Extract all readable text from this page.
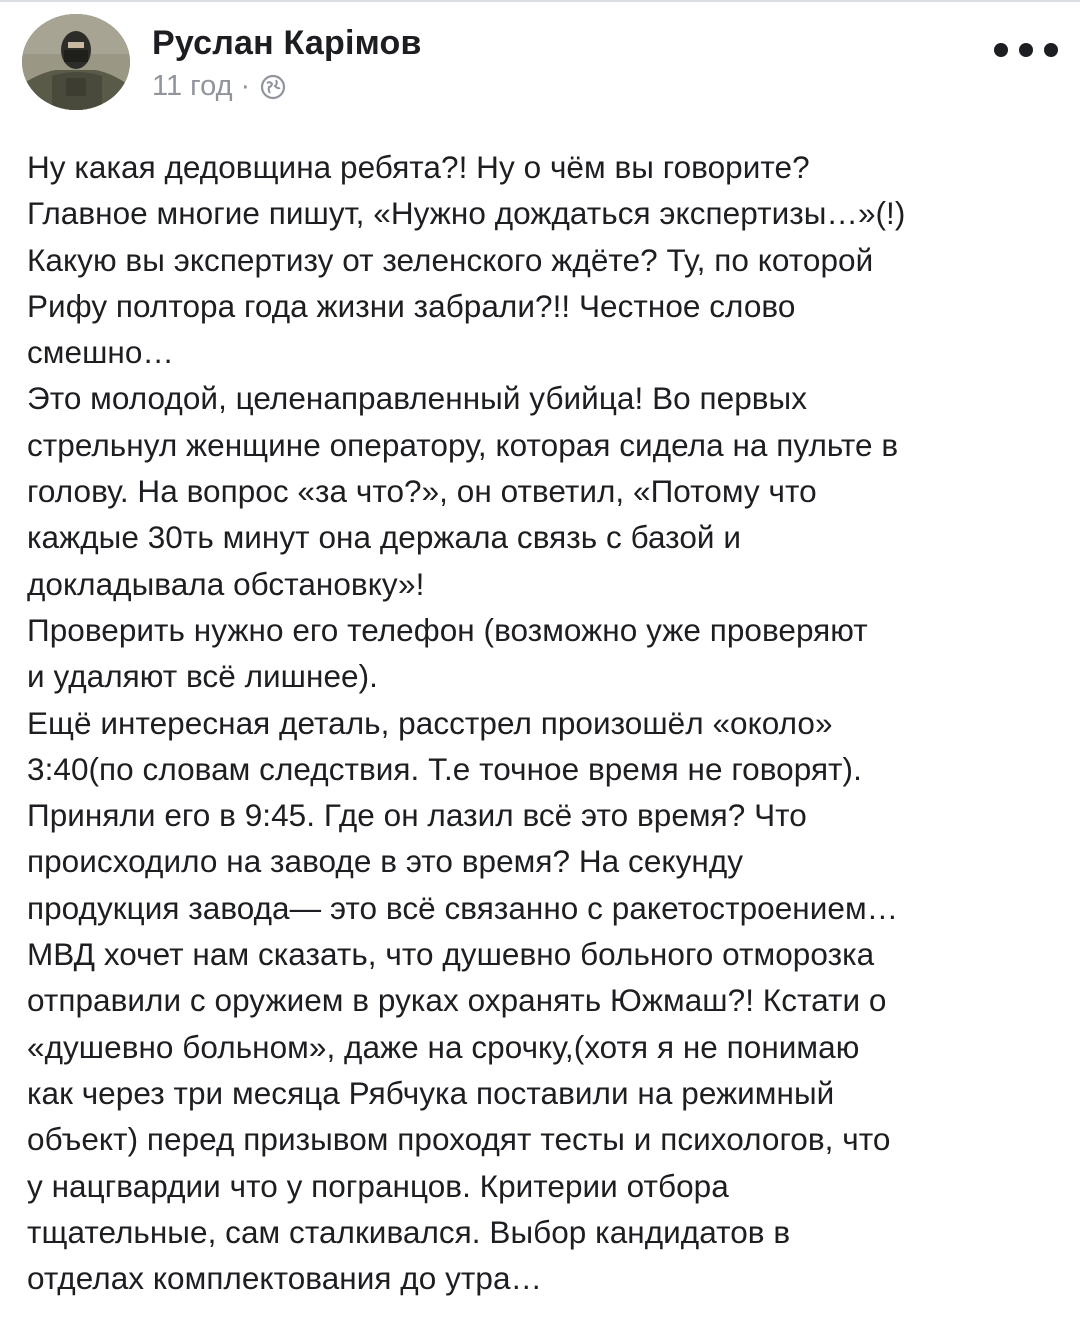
Руслан Карімов
11 год ·
Ну какая дедовщина ребята?! Ну о чём вы говорите?
Главное многие пишут, «Нужно дождаться экспертизы…»(!)
Какую вы экспертизу от зеленского ждёте? Ту, по которой
Рифу полтора года жизни забрали?!! Честное слово
смешно…
Это молодой, целенаправленный убийца! Во первых
стрельнул женщине оператору, которая сидела на пульте в
голову. На вопрос «за что?», он ответил, «Потому что
каждые 30ть минут она держала связь с базой и
докладывала обстановку»!
Проверить нужно его телефон (возможно уже проверяют
и удаляют всё лишнее).
Ещё интересная деталь, расстрел произошёл «около»
3:40(по словам следствия. Т.е точное время не говорят).
Приняли его в 9:45. Где он лазил всё это время? Что
происходило на заводе в это время? На секунду
продукция завода— это всё связанно с ракетостроением…
МВД хочет нам сказать, что душевно больного отморозка
отправили с оружием в руках охранять Южмаш?! Кстати о
«душевно больном», даже на срочку,(хотя я не понимаю
как через три месяца Рябчука поставили на режимный
объект) перед призывом проходят тесты и психологов, что
у нацгвардии что у погранцов. Критерии отбора
тщательные, сам сталкивался. Выбор кандидатов в
отделах комплектования до утра…
